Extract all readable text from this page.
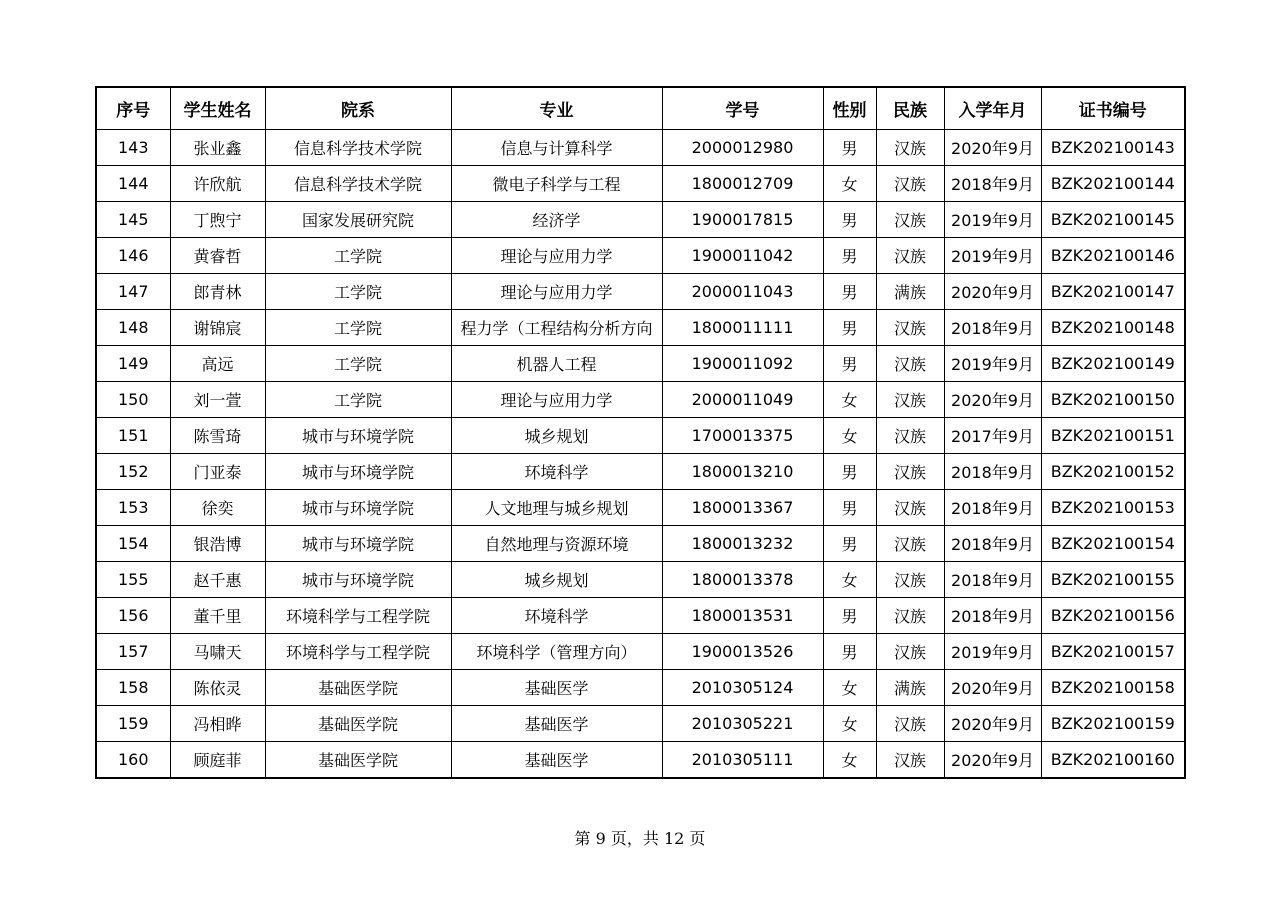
序号	学生姓名	院系	专业	学号	性别	民族	入学年月	证书编号
143	张业鑫	信息科学技术学院	信息与计算科学	2000012980	男	汉族	2020年9月	BZK202100143
144	许欣航	信息科学技术学院	微电子科学与工程	1800012709	女	汉族	2018年9月	BZK202100144
145	丁煦宁	国家发展研究院	经济学	1900017815	男	汉族	2019年9月	BZK202100145
146	黄睿哲	工学院	理论与应用力学	1900011042	男	汉族	2019年9月	BZK202100146
147	郎青林	工学院	理论与应用力学	2000011043	男	满族	2020年9月	BZK202100147
148	谢锦宸	工学院	程力学（工程结构分析方向	1800011111	男	汉族	2018年9月	BZK202100148
149	高远	工学院	机器人工程	1900011092	男	汉族	2019年9月	BZK202100149
150	刘一萱	工学院	理论与应用力学	2000011049	女	汉族	2020年9月	BZK202100150
151	陈雪琦	城市与环境学院	城乡规划	1700013375	女	汉族	2017年9月	BZK202100151
152	门亚泰	城市与环境学院	环境科学	1800013210	男	汉族	2018年9月	BZK202100152
153	徐奕	城市与环境学院	人文地理与城乡规划	1800013367	男	汉族	2018年9月	BZK202100153
154	银浩博	城市与环境学院	自然地理与资源环境	1800013232	男	汉族	2018年9月	BZK202100154
155	赵千惠	城市与环境学院	城乡规划	1800013378	女	汉族	2018年9月	BZK202100155
156	董千里	环境科学与工程学院	环境科学	1800013531	男	汉族	2018年9月	BZK202100156
157	马啸天	环境科学与工程学院	环境科学（管理方向）	1900013526	男	汉族	2019年9月	BZK202100157
158	陈依灵	基础医学院	基础医学	2010305124	女	满族	2020年9月	BZK202100158
159	冯相晔	基础医学院	基础医学	2010305221	女	汉族	2020年9月	BZK202100159
160	顾庭菲	基础医学院	基础医学	2010305111	女	汉族	2020年9月	BZK202100160
第 9 页，共 12 页
